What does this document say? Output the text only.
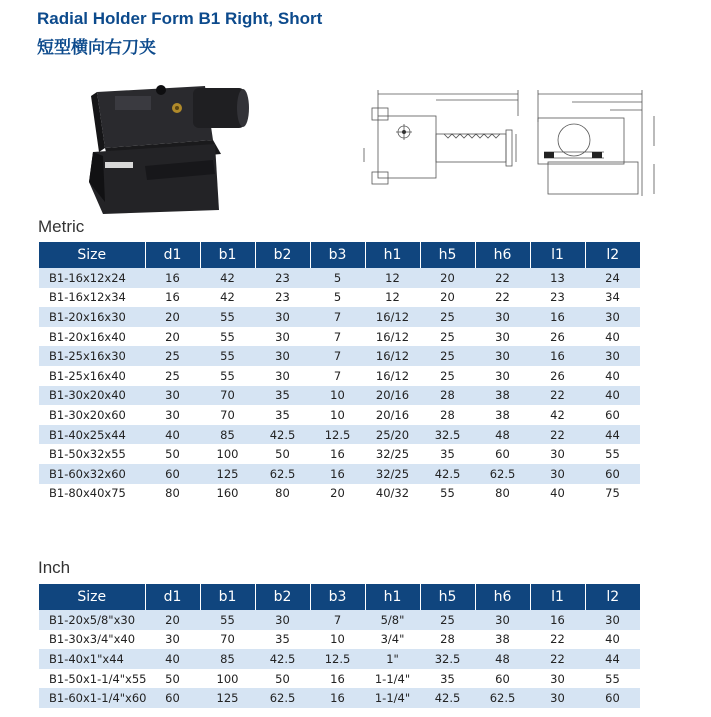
Radial Holder Form B1 Right, Short
短型横向右刀夹
Metric
Size	d1	b1	b2	b3	h1	h5	h6	l1	l2
B1-16x12x24	16	42	23	5	12	20	22	13	24
B1-16x12x34	16	42	23	5	12	20	22	23	34
B1-20x16x30	20	55	30	7	16/12	25	30	16	30
B1-20x16x40	20	55	30	7	16/12	25	30	26	40
B1-25x16x30	25	55	30	7	16/12	25	30	16	30
B1-25x16x40	25	55	30	7	16/12	25	30	26	40
B1-30x20x40	30	70	35	10	20/16	28	38	22	40
B1-30x20x60	30	70	35	10	20/16	28	38	42	60
B1-40x25x44	40	85	42.5	12.5	25/20	32.5	48	22	44
B1-50x32x55	50	100	50	16	32/25	35	60	30	55
B1-60x32x60	60	125	62.5	16	32/25	42.5	62.5	30	60
B1-80x40x75	80	160	80	20	40/32	55	80	40	75
Inch
Size	d1	b1	b2	b3	h1	h5	h6	l1	l2
B1-20x5/8"x30	20	55	30	7	5/8"	25	30	16	30
B1-30x3/4"x40	30	70	35	10	3/4"	28	38	22	40
B1-40x1"x44	40	85	42.5	12.5	1"	32.5	48	22	44
B1-50x1-1/4"x55	50	100	50	16	1-1/4"	35	60	30	55
B1-60x1-1/4"x60	60	125	62.5	16	1-1/4"	42.5	62.5	30	60
